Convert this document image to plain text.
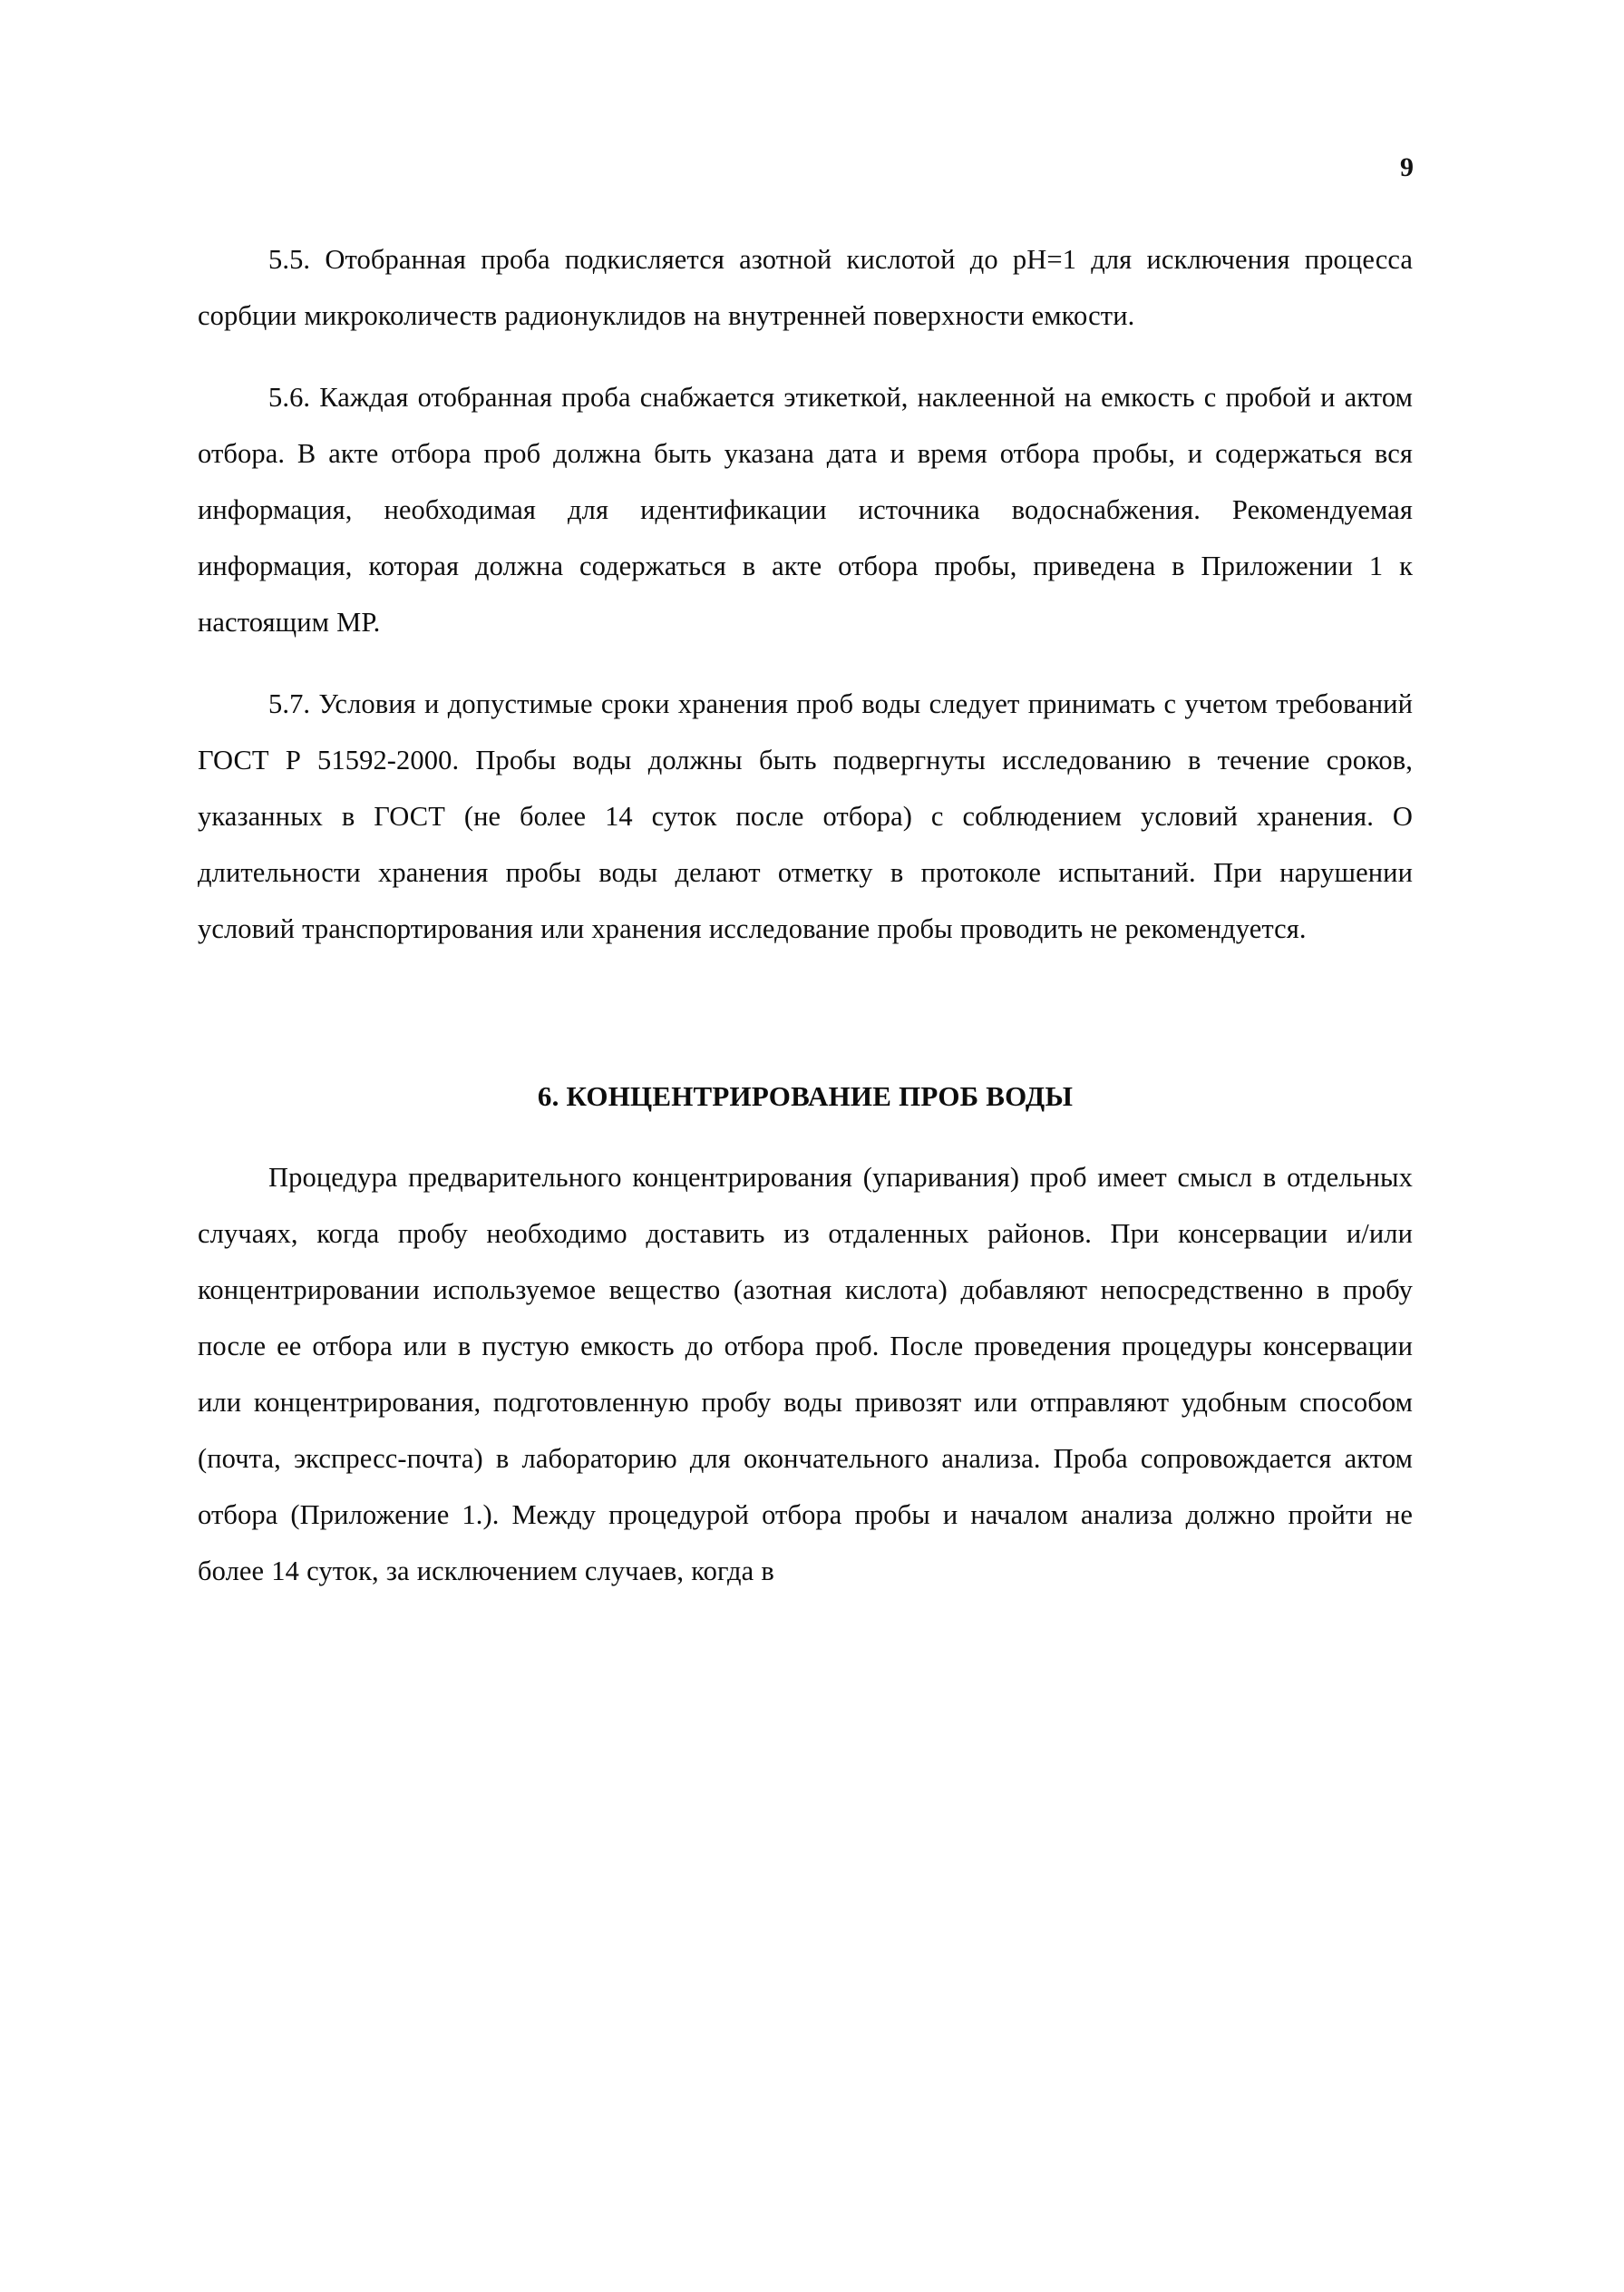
9

5.5. Отобранная проба подкисляется азотной кислотой до pH=1 для исключения процесса сорбции микроколичеств радионуклидов на внутренней поверхности емкости.

5.6. Каждая отобранная проба снабжается этикеткой, наклеенной на емкость с пробой и актом отбора. В акте отбора проб должна быть указана дата и время отбора пробы, и содержаться вся информация, необходимая для идентификации источника водоснабжения. Рекомендуемая информация, которая должна содержаться в акте отбора пробы, приведена в Приложении 1 к настоящим МР.

5.7. Условия и допустимые сроки хранения проб воды следует принимать с учетом требований ГОСТ Р 51592-2000. Пробы воды должны быть подвергнуты исследованию в течение сроков, указанных в ГОСТ (не более 14 суток после отбора) с соблюдением условий хранения. О длительности хранения пробы воды делают отметку в протоколе испытаний. При нарушении условий транспортирования или хранения исследование пробы проводить не рекомендуется.

6. КОНЦЕНТРИРОВАНИЕ ПРОБ ВОДЫ

Процедура предварительного концентрирования (упаривания) проб имеет смысл в отдельных случаях, когда пробу необходимо доставить из отдаленных районов. При консервации и/или концентрировании используемое вещество (азотная кислота) добавляют непосредственно в пробу после ее отбора или в пустую емкость до отбора проб. После проведения процедуры консервации или концентрирования, подготовленную пробу воды привозят или отправляют удобным способом (почта, экспресс-почта) в лабораторию для окончательного анализа. Проба сопровождается актом отбора (Приложение 1.). Между процедурой отбора пробы и началом анализа должно пройти не более 14 суток, за исключением случаев, когда в
